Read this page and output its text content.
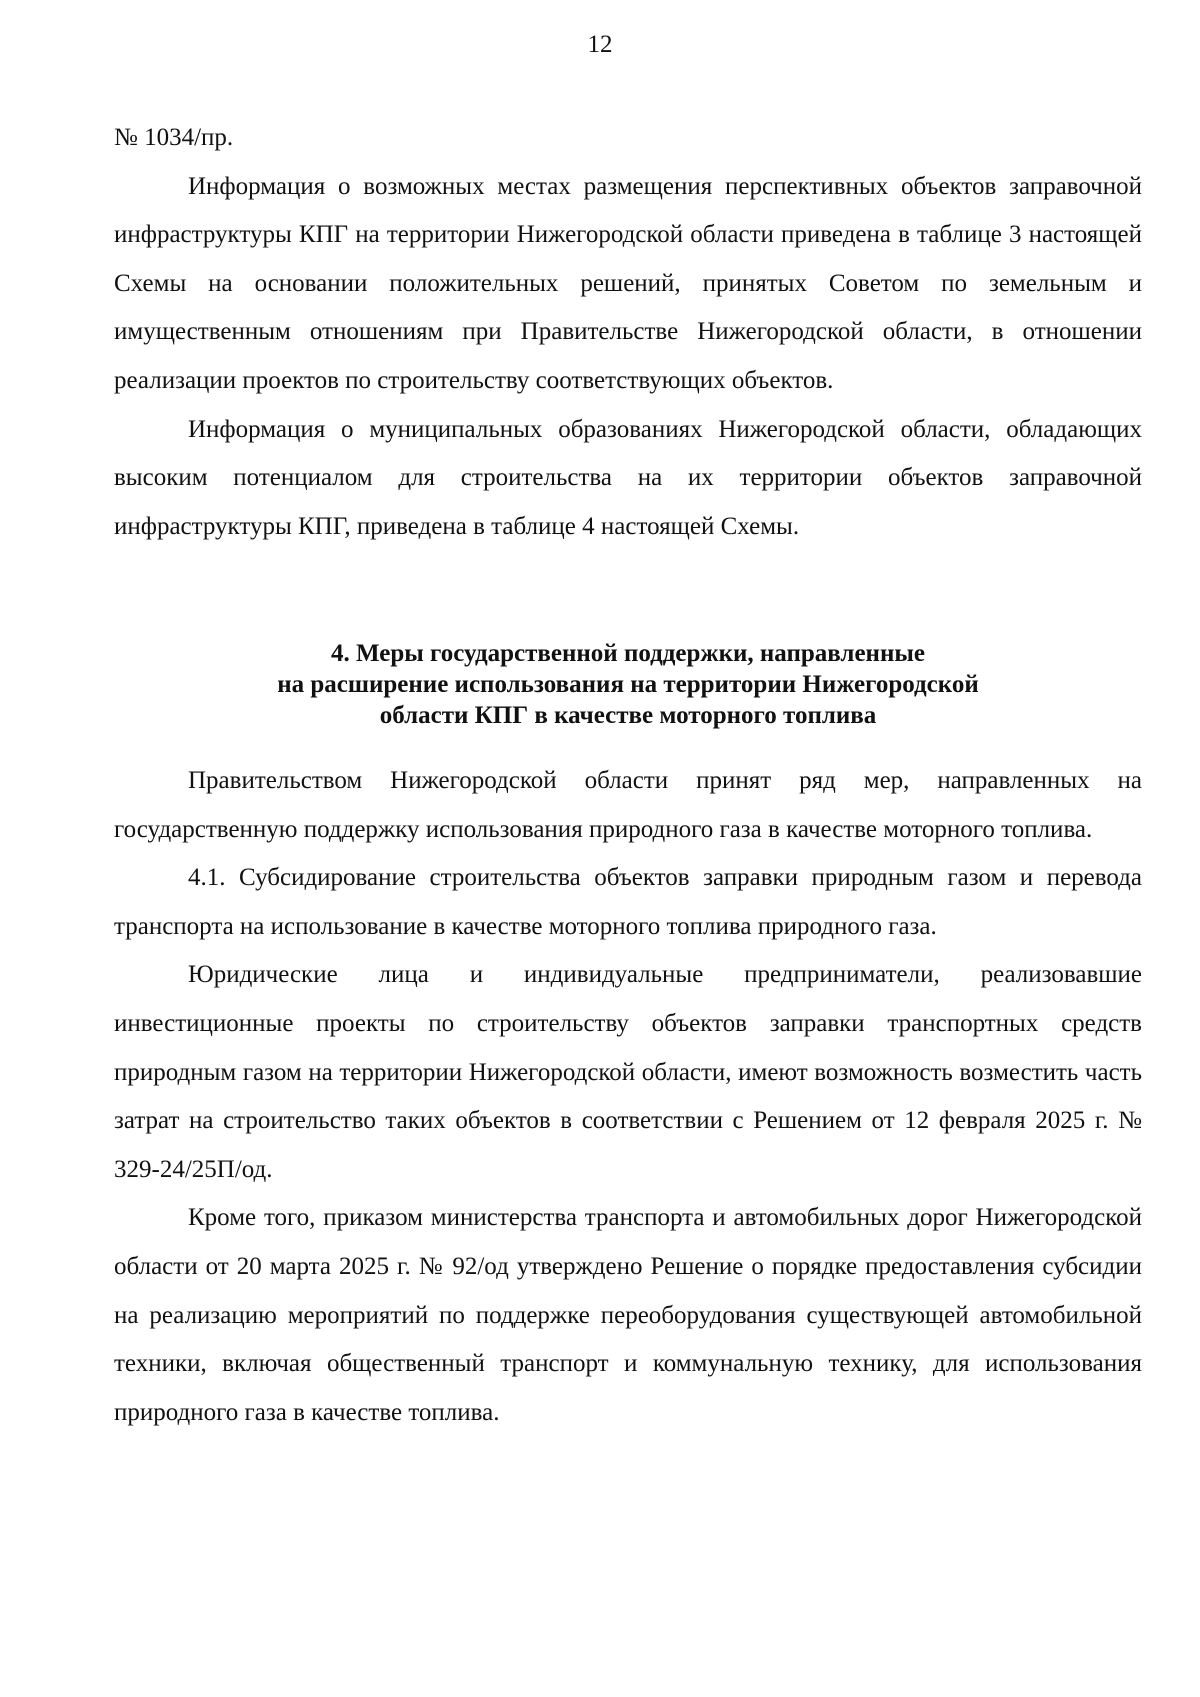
12

№ 1034/пр.

Информация о возможных местах размещения перспективных объектов заправочной инфраструктуры КПГ на территории Нижегородской области приведена в таблице 3 настоящей Схемы на основании положительных решений, принятых Советом по земельным и имущественным отношениям при Правительстве Нижегородской области, в отношении реализации проектов по строительству соответствующих объектов.

Информация о муниципальных образованиях Нижегородской области, обладающих высоким потенциалом для строительства на их территории объектов заправочной инфраструктуры КПГ, приведена в таблице 4 настоящей Схемы.

4. Меры государственной поддержки, направленные
на расширение использования на территории Нижегородской
области КПГ в качестве моторного топлива

Правительством Нижегородской области принят ряд мер, направленных на государственную поддержку использования природного газа в качестве моторного топлива.

4.1. Субсидирование строительства объектов заправки природным газом и перевода транспорта на использование в качестве моторного топлива природного газа.

Юридические лица и индивидуальные предприниматели, реализовавшие инвестиционные проекты по строительству объектов заправки транспортных средств природным газом на территории Нижегородской области, имеют возможность возместить часть затрат на строительство таких объектов в соответствии с Решением от 12 февраля 2025 г. № 329-24/25П/од.

Кроме того, приказом министерства транспорта и автомобильных дорог Нижегородской области от 20 марта 2025 г. № 92/од утверждено Решение о порядке предоставления субсидии на реализацию мероприятий по поддержке переоборудования существующей автомобильной техники, включая общественный транспорт и коммунальную технику, для использования природного газа в качестве топлива.
